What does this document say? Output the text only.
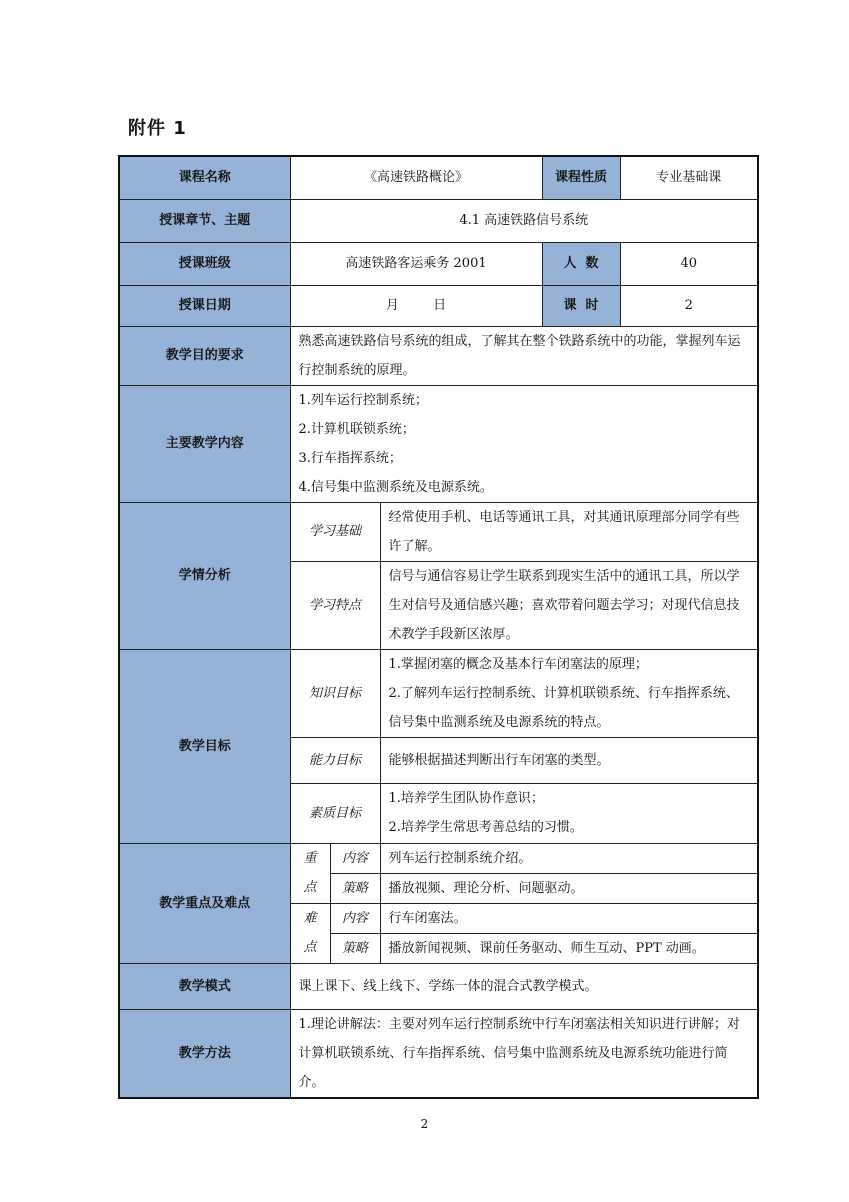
附件 1
课程名称	《高速铁路概论》			课程性质	专业基础课
授课章节、主题	4.1 高速铁路信号系统				
授课班级	高速铁路客运乘务 2001			人  数	40
授课日期	月 日			课  时	2
教学目的要求	熟悉高速铁路信号系统的组成，了解其在整个铁路系统中的功能，掌握列车运行控制系统的原理。				
主要教学内容	1.列车运行控制系统；
2.计算机联锁系统；
3.行车指挥系统；
4.信号集中监测系统及电源系统。				

学情分析	学习基础		经常使用手机、电话等通讯工具，对其通讯原理部分同学有些许了解。		
	学习特点		信号与通信容易让学生联系到现实生活中的通讯工具，所以学生对信号及通信感兴趣；喜欢带着问题去学习；对现代信息技术教学手段新区浓厚。		
教学目标	知识目标		1.掌握闭塞的概念及基本行车闭塞法的原理；
2.了解列车运行控制系统、计算机联锁系统、行车指挥系统、信号集中监测系统及电源系统的特点。		

	能力目标		能够根据描述判断出行车闭塞的类型。		
	素质目标		1.培养学生团队协作意识；
2.培养学生常思考善总结的习惯。		

教学重点及难点	重
点	内容	列车运行控制系统介绍。		
		策略	播放视频、理论分析、问题驱动。		

	难
点	内容	行车闭塞法。		
		策略	播放新闻视频、课前任务驱动、师生互动、PPT 动画。		
教学模式	课上课下、线上线下、学练一体的混合式教学模式。				
教学方法	1.理论讲解法：主要对列车运行控制系统中行车闭塞法相关知识进行讲解；对计算机联锁系统、行车指挥系统、信号集中监测系统及电源系统功能进行简介。				
2
